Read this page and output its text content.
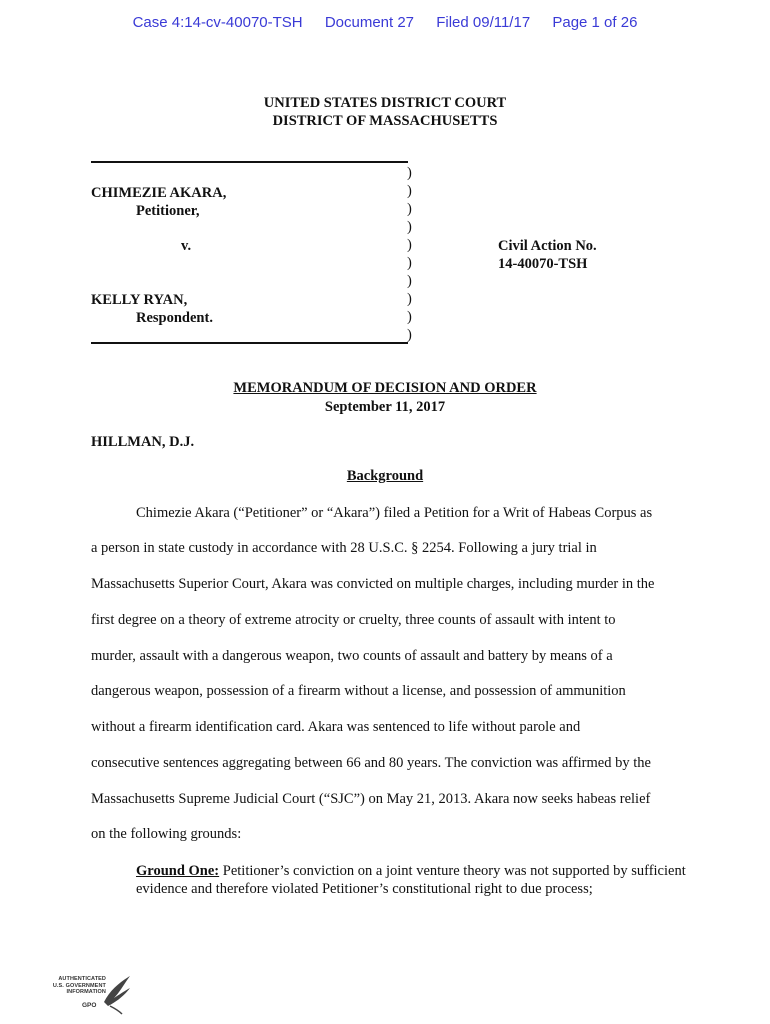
Case 4:14-cv-40070-TSH Document 27 Filed 09/11/17 Page 1 of 26
UNITED STATES DISTRICT COURT
DISTRICT OF MASSACHUSETTS
)
)
)
)
)
)
)
)
)
)
CHIMEZIE AKARA,
Petitioner,
v.
KELLY RYAN,
Respondent.
Civil Action No.
14-40070-TSH
MEMORANDUM OF DECISION AND ORDER
September 11, 2017
HILLMAN, D.J.
Background
Chimezie Akara (“Petitioner” or “Akara”) filed a Petition for a Writ of Habeas Corpus as
a person in state custody in accordance with 28 U.S.C. § 2254. Following a jury trial in
Massachusetts Superior Court, Akara was convicted on multiple charges, including murder in the
first degree on a theory of extreme atrocity or cruelty, three counts of assault with intent to
murder, assault with a dangerous weapon, two counts of assault and battery by means of a
dangerous weapon, possession of a firearm without a license, and possession of ammunition
without a firearm identification card. Akara was sentenced to life without parole and
consecutive sentences aggregating between 66 and 80 years. The conviction was affirmed by the
Massachusetts Supreme Judicial Court (“SJC”) on May 21, 2013. Akara now seeks habeas relief
on the following grounds:
Ground One: Petitioner’s conviction on a joint venture theory was not supported by sufficient evidence and therefore violated Petitioner’s constitutional right to due process;
AUTHENTICATED
U.S. GOVERNMENT
INFORMATION
GPO
